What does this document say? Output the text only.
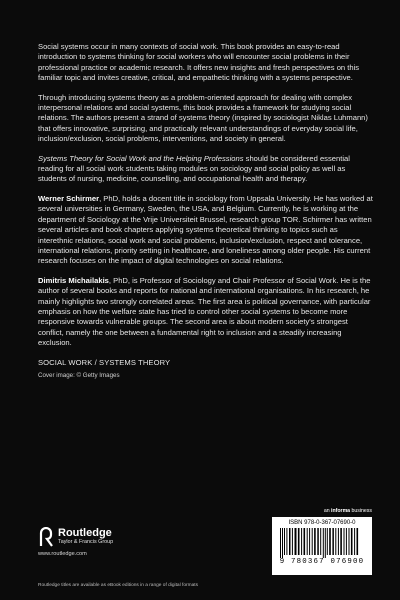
Social systems occur in many contexts of social work. This book provides an easy-to-read introduction to systems thinking for social workers who will encounter social problems in their professional practice or academic research. It offers new insights and fresh perspectives on this familiar topic and invites creative, critical, and empathetic thinking with a systems perspective.

Through introducing systems theory as a problem-oriented approach for dealing with complex interpersonal relations and social systems, this book provides a framework for studying social relations. The authors present a strand of systems theory (inspired by sociologist Niklas Luhmann) that offers innovative, surprising, and practically relevant understandings of everyday social life, inclusion/exclusion, social problems, interventions, and society in general.

Systems Theory for Social Work and the Helping Professions should be considered essential reading for all social work students taking modules on sociology and social policy as well as students of nursing, medicine, counselling, and occupational health and therapy.

Werner Schirmer, PhD, holds a docent title in sociology from Uppsala University. He has worked at several universities in Germany, Sweden, the USA, and Belgium. Currently, he is working at the department of Sociology at the Vrije Universiteit Brussel, research group TOR. Schirmer has written several articles and book chapters applying systems theoretical thinking to topics such as interethnic relations, social work and social problems, inclusion/exclusion, respect and tolerance, international relations, priority setting in healthcare, and loneliness among older people. His current research focuses on the impact of digital technologies on social relations.

Dimitris Michailakis, PhD, is Professor of Sociology and Chair Professor of Social Work. He is the author of several books and reports for national and international organisations. In his research, he mainly highlights two strongly correlated areas. The first area is political governance, with particular emphasis on how the welfare state has tried to control other social systems to become more responsive towards vulnerable groups. The second area is about modern society's strongest conflict, namely the one between a fundamental right to inclusion and a steadily increasing exclusion.

SOCIAL WORK / SYSTEMS THEORY
Cover image: © Getty Images
an informa business
Routledge
Taylor & Francis Group
www.routledge.com
ISBN 978-0-367-07690-0
9 780367 076900
Routledge titles are available as eBook editions in a range of digital formats
